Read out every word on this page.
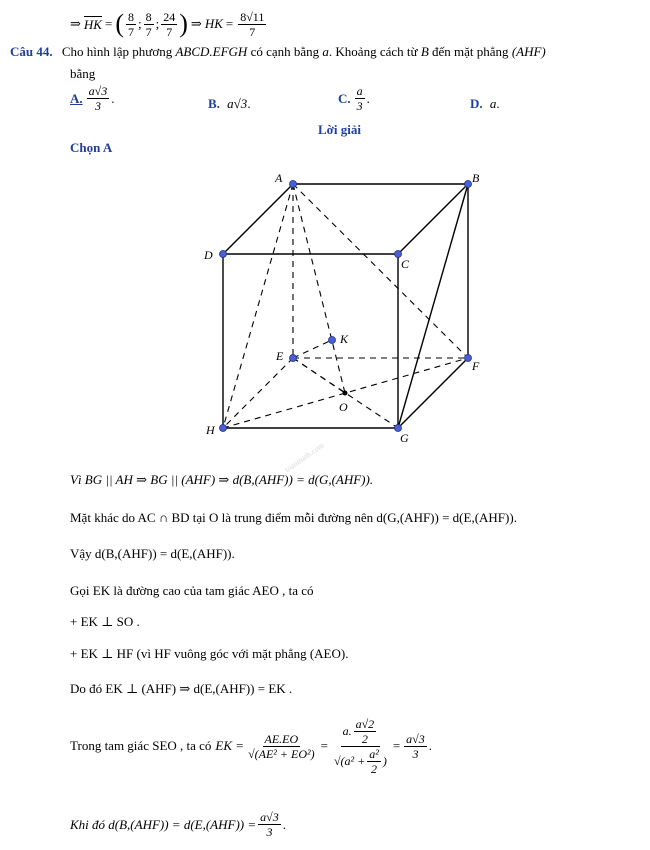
⇒ HK = ( $\frac{8}{7}$ ; $\frac{8}{7}$ ; $\frac{24}{7}$ ) ⇒ HK = $\frac{8√11}{7}$
Câu 44. Cho hình lập phương ABCD.EFGH có cạnh bằng a. Khoảng cách từ B đến mặt phẳng (AHF)
bằng
A. $\frac{a√3}{3}$ .	B. a√3.	C. $\frac{a}{3}$ .	D. a.
Lời giải
Chọn A
A	B
C
D
E
F
G
H
K
O
toanmath.com
Vì BG || AH ⇒ BG || (AHF) ⇒ d(B,(AHF)) = d(G,(AHF)).
Mặt khác do AC ∩ BD tại O là trung điểm mỗi đường nên d(G,(AHF)) = d(E,(AHF)).
Vậy d(B,(AHF)) = d(E,(AHF)).
Gọi EK là đường cao của tam giác AEO , ta có
+ EK ⊥ SO .
+ EK ⊥ HF (vì HF vuông góc với mặt phẳng (AEO).
Do đó EK ⊥ (AHF) ⇒ d(E,(AHF)) = EK .
Trong tam giác SEO , ta có EK = $\frac{AE.EO}{\text{√(AE² + EO²)}} = \frac{a. \frac{a√2}{2}}{√(a^2 + \frac{\text{a²}}{2} )} = \frac{a√3}{3}$ .
Khi đó $d(B,(AHF)) = d(E,(AHF)) = \frac{a√3}{3}$ .
